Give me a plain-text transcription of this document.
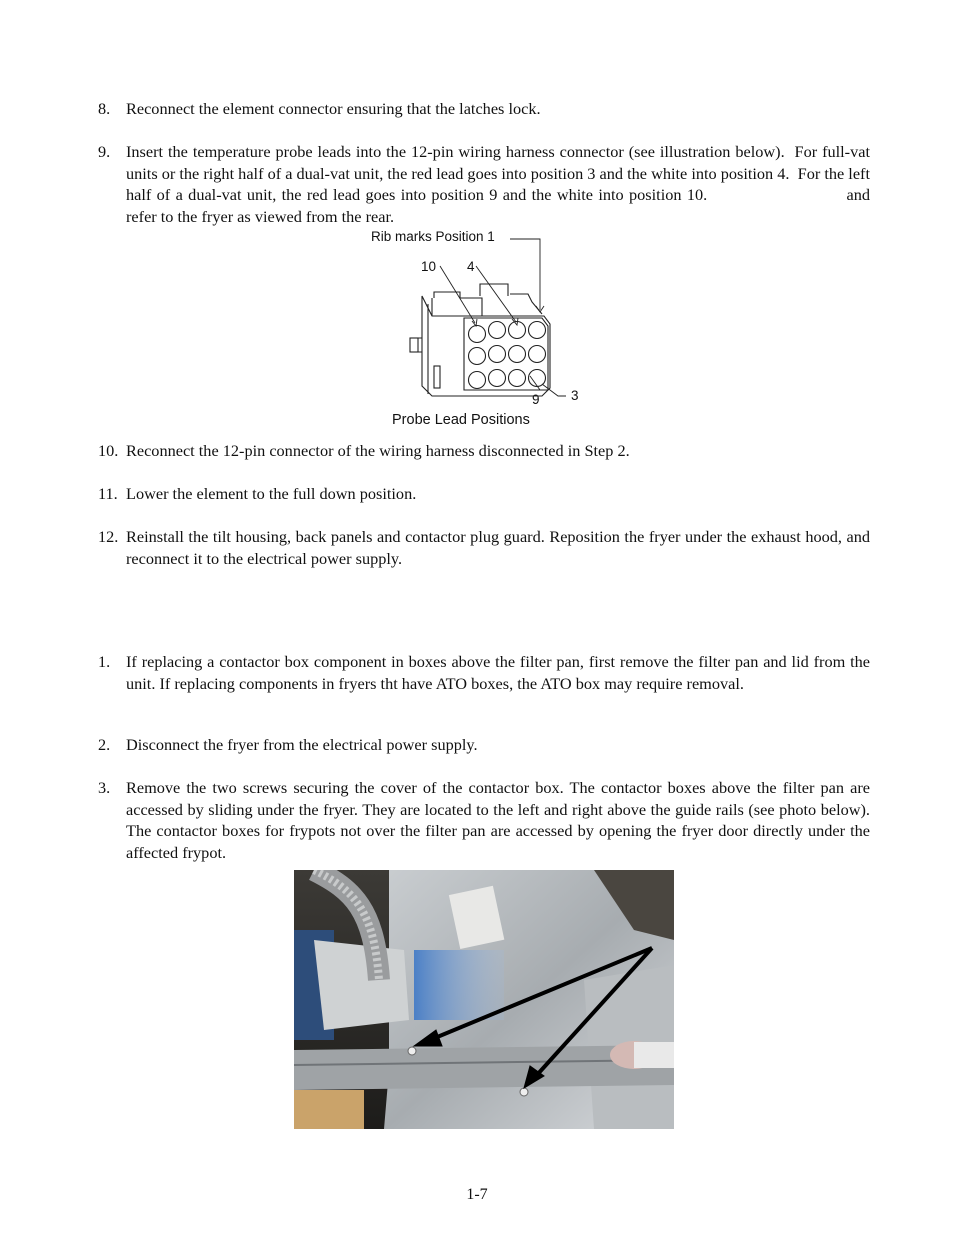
8. Reconnect the element connector ensuring that the latches lock.
9. Insert the temperature probe leads into the 12-pin wiring harness connector (see illustration below).  For full-vat units or the right half of a dual-vat unit, the red lead goes into position 3 and the white into position 4.  For the left half of a dual-vat unit, the red lead goes into position 9 and the white into position 10.                          and        refer to the fryer as viewed from the rear.
Rib marks Position 1
10 4
9 3
Probe Lead Positions
10. Reconnect the 12-pin connector of the wiring harness disconnected in Step 2.
11. Lower the element to the full down position.
12. Reinstall the tilt housing, back panels and contactor plug guard. Reposition the fryer under the exhaust hood, and reconnect it to the electrical power supply.
1. If replacing a contactor box component in boxes above the filter pan, first remove the filter pan and lid from the unit. If replacing components in fryers tht have ATO boxes, the ATO box may require removal.
2. Disconnect the fryer from the electrical power supply.
3. Remove the two screws securing the cover of the contactor box. The contactor boxes above the filter pan are accessed by sliding under the fryer. They are located to the left and right above the guide rails (see photo below). The contactor boxes for frypots not over the filter pan are accessed by opening the fryer door directly under the affected frypot.
1-7
